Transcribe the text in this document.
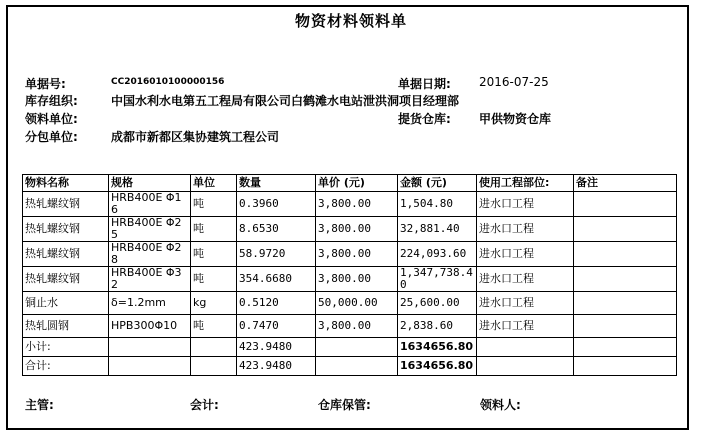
物资材料领料单
单据号:	CC2016010100000156	单据日期: 2016-07-25
库存组织:	中国水利水电第五工程局有限公司白鹤滩水电站泄洪洞项目经理部
领料单位:	提货仓库: 甲供物资仓库
分包单位:	成都市新都区集协建筑工程公司
物料名称	规格	单位	数量	单价 (元)	金额 (元)	使用工程部位:	备注
热轧螺纹钢	HRB400E Φ16	吨	0.3960	3,800.00	1,504.80	进水口工程	
热轧螺纹钢	HRB400E Φ25	吨	8.6530	3,800.00	32,881.40	进水口工程	
热轧螺纹钢	HRB400E Φ28	吨	58.9720	3,800.00	224,093.60	进水口工程	
热轧螺纹钢	HRB400E Φ32	吨	354.6680	3,800.00	1,347,738.40	进水口工程	
铜止水	δ=1.2mm	kg	0.5120	50,000.00	25,600.00	进水口工程	
热轧圆钢	HPB300Φ10	吨	0.7470	3,800.00	2,838.60	进水口工程	
小计:			423.9480		1634656.80		
合计:			423.9480		1634656.80		
主管:	会计:	仓库保管:	领料人:
